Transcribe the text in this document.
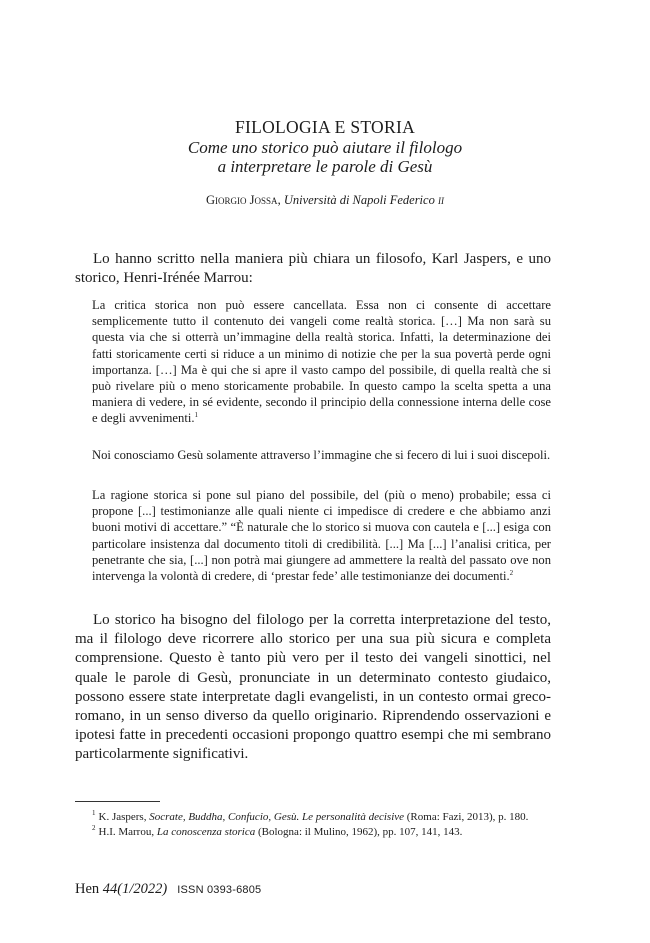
FILOLOGIA E STORIA
Come uno storico può aiutare il filologo
a interpretare le parole di Gesù
Giorgio Jossa, Università di Napoli Federico ii

Lo hanno scritto nella maniera più chiara un filosofo, Karl Jaspers, e uno storico, Henri-Irénée Marrou:

La critica storica non può essere cancellata. Essa non ci consente di accettare semplicemente tutto il contenuto dei vangeli come realtà storica. […] Ma non sarà su questa via che si otterrà un’immagine della realtà storica. Infatti, la determinazione dei fatti storicamente certi si riduce a un minimo di notizie che per la sua povertà perde ogni importanza. […] Ma è qui che si apre il vasto campo del possibile, di quella realtà che si può rivelare più o meno storicamente probabile. In questo campo la scelta spetta a una maniera di vedere, in sé evidente, secondo il principio della connessione interna delle cose e degli avvenimenti.$^1$

Noi conosciamo Gesù solamente attraverso l’immagine che si fecero di lui i suoi discepoli.

La ragione storica si pone sul piano del possibile, del (più o meno) probabile; essa ci propone [...] testimonianze alle quali niente ci impedisce di credere e che abbiamo anzi buoni motivi di accettare.” “È naturale che lo storico si muova con cautela e [...] esiga con particolare insistenza dal documento titoli di credibilità. [...] Ma [...] l’analisi critica, per penetrante che sia, [...] non potrà mai giungere ad ammettere la realtà del passato ove non intervenga la volontà di credere, di ‘prestar fede’ alle testimonianze dei documenti.$^2$

Lo storico ha bisogno del filologo per la corretta interpretazione del testo, ma il filologo deve ricorrere allo storico per una sua più sicura e completa comprensione. Questo è tanto più vero per il testo dei vangeli sinottici, nel quale le parole di Gesù, pronunciate in un determinato contesto giudaico, possono essere state interpretate dagli evangelisti, in un contesto ormai greco-romano, in un senso diverso da quello originario. Riprendendo osservazioni e ipotesi fatte in precedenti occasioni propongo quattro esempi che mi sembrano particolarmente significativi.

$^1$ K. Jaspers, Socrate, Buddha, Confucio, Gesù. Le personalità decisive (Roma: Fazi, 2013), p. 180.

$^2$ H.I. Marrou, La conoscenza storica (Bologna: il Mulino, 1962), pp. 107, 141, 143.

Hen 44(1/2022) ISSN 0393-6805
